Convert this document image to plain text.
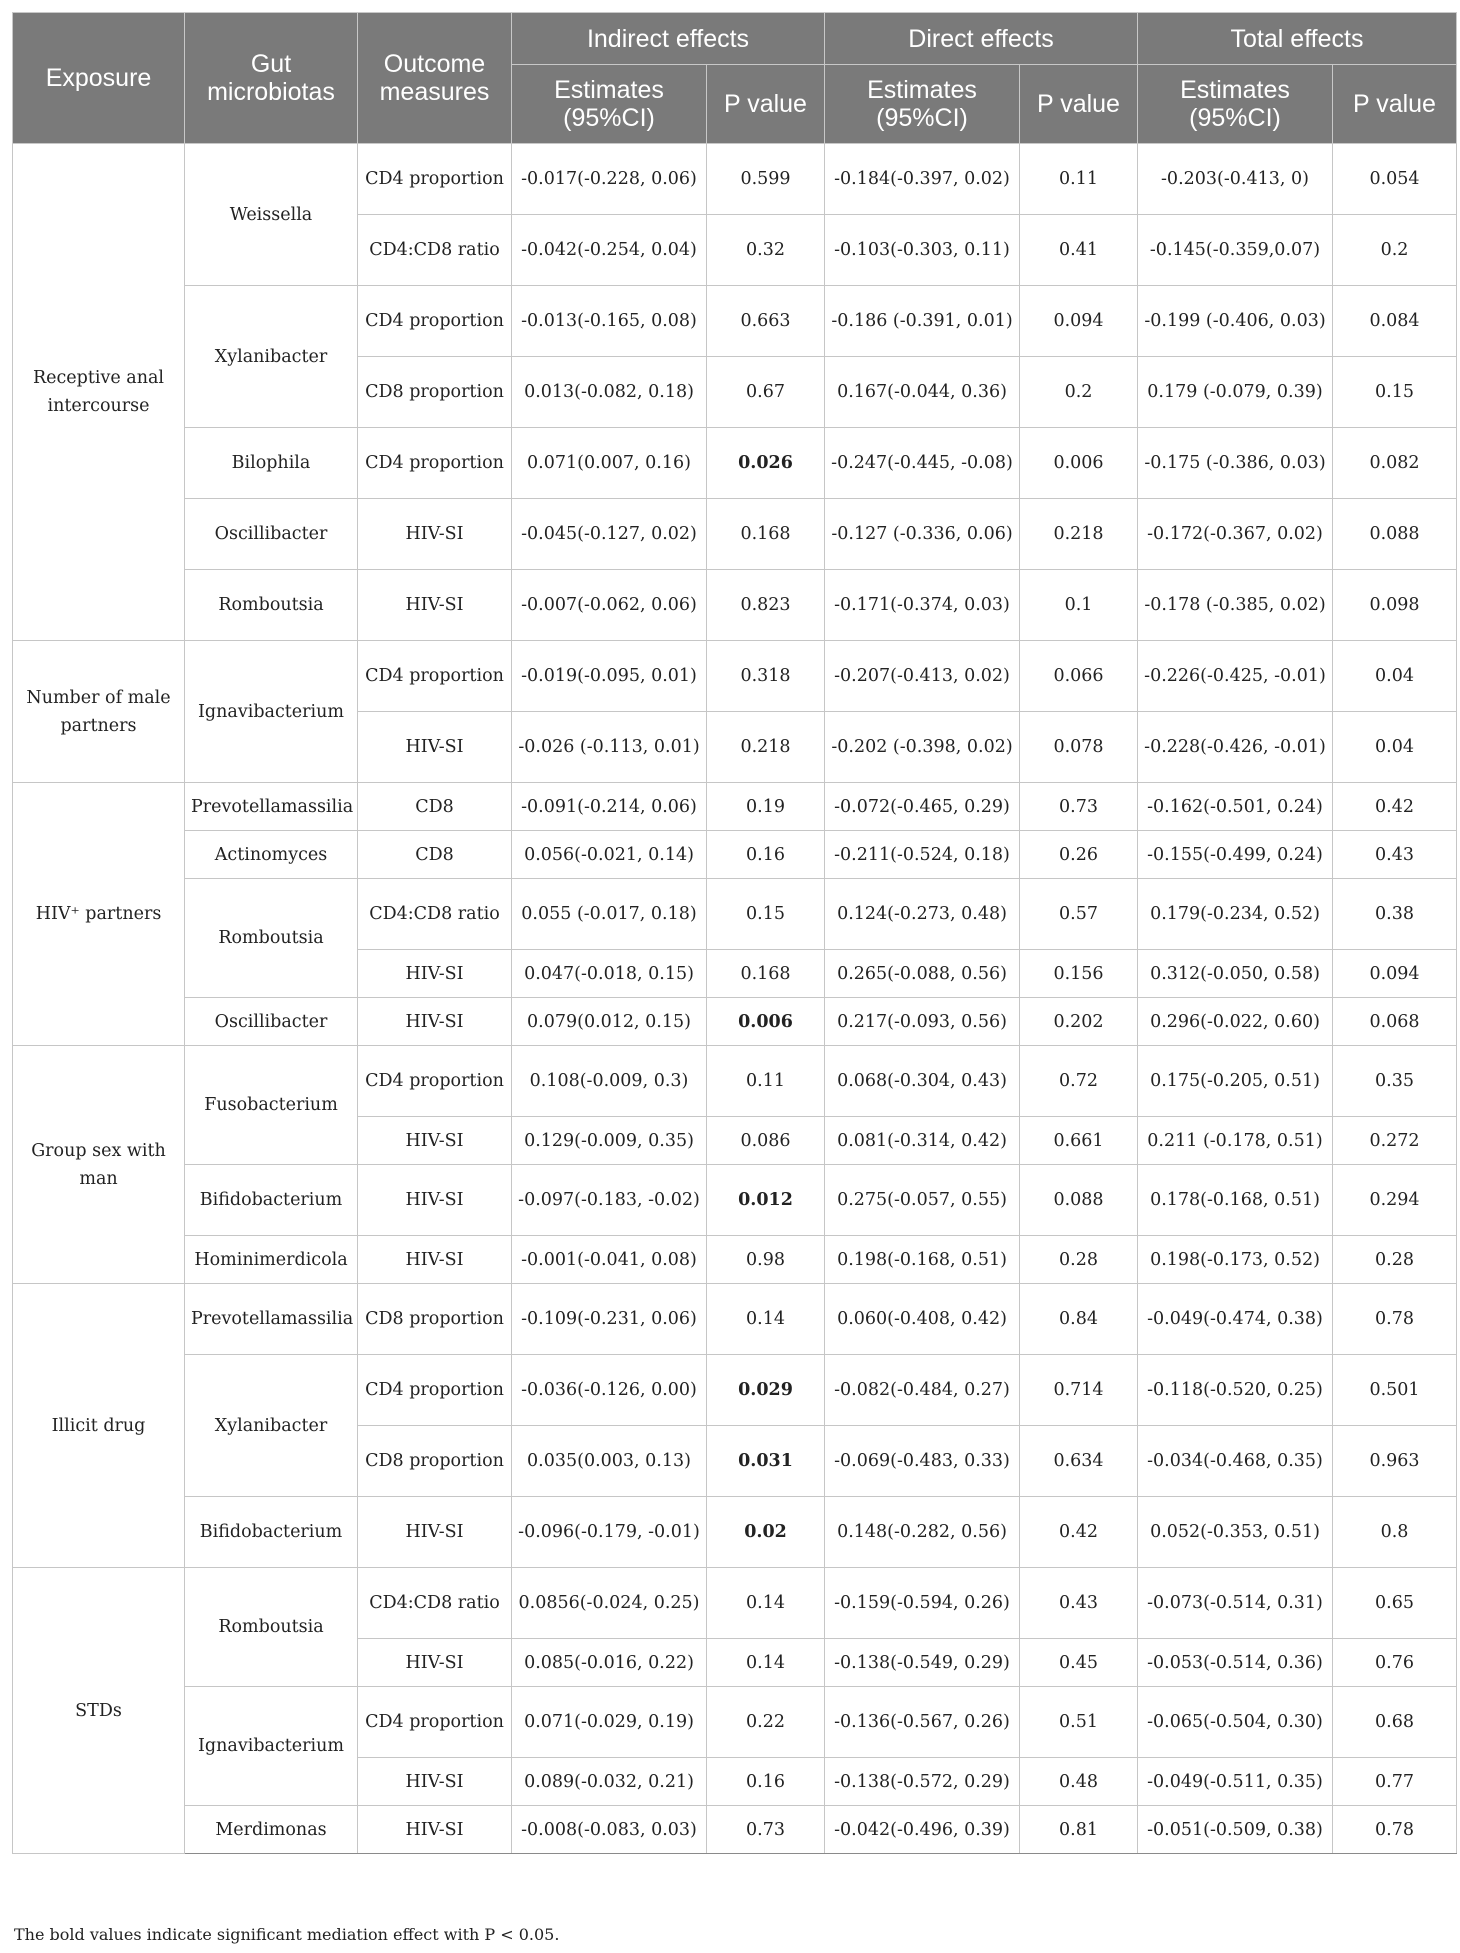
Exposure	Gut microbiotas	Outcome measures	Indirect effects		Direct effects		Total effects	
			Estimates (95%CI)	P value	Estimates (95%CI)	P value	Estimates (95%CI)	P value
Receptive anal intercourse	Weissella	CD4 proportion	-0.017(-0.228, 0.06)	0.599	-0.184(-0.397, 0.02)	0.11	-0.203(-0.413, 0)	0.054
		CD4:CD8 ratio	-0.042(-0.254, 0.04)	0.32	-0.103(-0.303, 0.11)	0.41	-0.145(-0.359,0.07)	0.2
	Xylanibacter	CD4 proportion	-0.013(-0.165, 0.08)	0.663	-0.186 (-0.391, 0.01)	0.094	-0.199 (-0.406, 0.03)	0.084
		CD8 proportion	0.013(-0.082, 0.18)	0.67	0.167(-0.044, 0.36)	0.2	0.179 (-0.079, 0.39)	0.15
	Bilophila	CD4 proportion	0.071(0.007, 0.16)	0.026	-0.247(-0.445, -0.08)	0.006	-0.175 (-0.386, 0.03)	0.082
	Oscillibacter	HIV-SI	-0.045(-0.127, 0.02)	0.168	-0.127 (-0.336, 0.06)	0.218	-0.172(-0.367, 0.02)	0.088
	Romboutsia	HIV-SI	-0.007(-0.062, 0.06)	0.823	-0.171(-0.374, 0.03)	0.1	-0.178 (-0.385, 0.02)	0.098
Number of male partners	Ignavibacterium	CD4 proportion	-0.019(-0.095, 0.01)	0.318	-0.207(-0.413, 0.02)	0.066	-0.226(-0.425, -0.01)	0.04
		HIV-SI	-0.026 (-0.113, 0.01)	0.218	-0.202 (-0.398, 0.02)	0.078	-0.228(-0.426, -0.01)	0.04
HIV⁺ partners	Prevotellamassilia	CD8	-0.091(-0.214, 0.06)	0.19	-0.072(-0.465, 0.29)	0.73	-0.162(-0.501, 0.24)	0.42
	Actinomyces	CD8	0.056(-0.021, 0.14)	0.16	-0.211(-0.524, 0.18)	0.26	-0.155(-0.499, 0.24)	0.43
	Romboutsia	CD4:CD8 ratio	0.055 (-0.017, 0.18)	0.15	0.124(-0.273, 0.48)	0.57	0.179(-0.234, 0.52)	0.38
		HIV-SI	0.047(-0.018, 0.15)	0.168	0.265(-0.088, 0.56)	0.156	0.312(-0.050, 0.58)	0.094
	Oscillibacter	HIV-SI	0.079(0.012, 0.15)	0.006	0.217(-0.093, 0.56)	0.202	0.296(-0.022, 0.60)	0.068
Group sex with man	Fusobacterium	CD4 proportion	0.108(-0.009, 0.3)	0.11	0.068(-0.304, 0.43)	0.72	0.175(-0.205, 0.51)	0.35
		HIV-SI	0.129(-0.009, 0.35)	0.086	0.081(-0.314, 0.42)	0.661	0.211 (-0.178, 0.51)	0.272
	Bifidobacterium	HIV-SI	-0.097(-0.183, -0.02)	0.012	0.275(-0.057, 0.55)	0.088	0.178(-0.168, 0.51)	0.294
	Hominimerdicola	HIV-SI	-0.001(-0.041, 0.08)	0.98	0.198(-0.168, 0.51)	0.28	0.198(-0.173, 0.52)	0.28
Illicit drug	Prevotellamassilia	CD8 proportion	-0.109(-0.231, 0.06)	0.14	0.060(-0.408, 0.42)	0.84	-0.049(-0.474, 0.38)	0.78
	Xylanibacter	CD4 proportion	-0.036(-0.126, 0.00)	0.029	-0.082(-0.484, 0.27)	0.714	-0.118(-0.520, 0.25)	0.501
		CD8 proportion	0.035(0.003, 0.13)	0.031	-0.069(-0.483, 0.33)	0.634	-0.034(-0.468, 0.35)	0.963
	Bifidobacterium	HIV-SI	-0.096(-0.179, -0.01)	0.02	0.148(-0.282, 0.56)	0.42	0.052(-0.353, 0.51)	0.8
STDs	Romboutsia	CD4:CD8 ratio	0.0856(-0.024, 0.25)	0.14	-0.159(-0.594, 0.26)	0.43	-0.073(-0.514, 0.31)	0.65
		HIV-SI	0.085(-0.016, 0.22)	0.14	-0.138(-0.549, 0.29)	0.45	-0.053(-0.514, 0.36)	0.76
	Ignavibacterium	CD4 proportion	0.071(-0.029, 0.19)	0.22	-0.136(-0.567, 0.26)	0.51	-0.065(-0.504, 0.30)	0.68
		HIV-SI	0.089(-0.032, 0.21)	0.16	-0.138(-0.572, 0.29)	0.48	-0.049(-0.511, 0.35)	0.77
	Merdimonas	HIV-SI	-0.008(-0.083, 0.03)	0.73	-0.042(-0.496, 0.39)	0.81	-0.051(-0.509, 0.38)	0.78
The bold values indicate significant mediation effect with P < 0.05.
